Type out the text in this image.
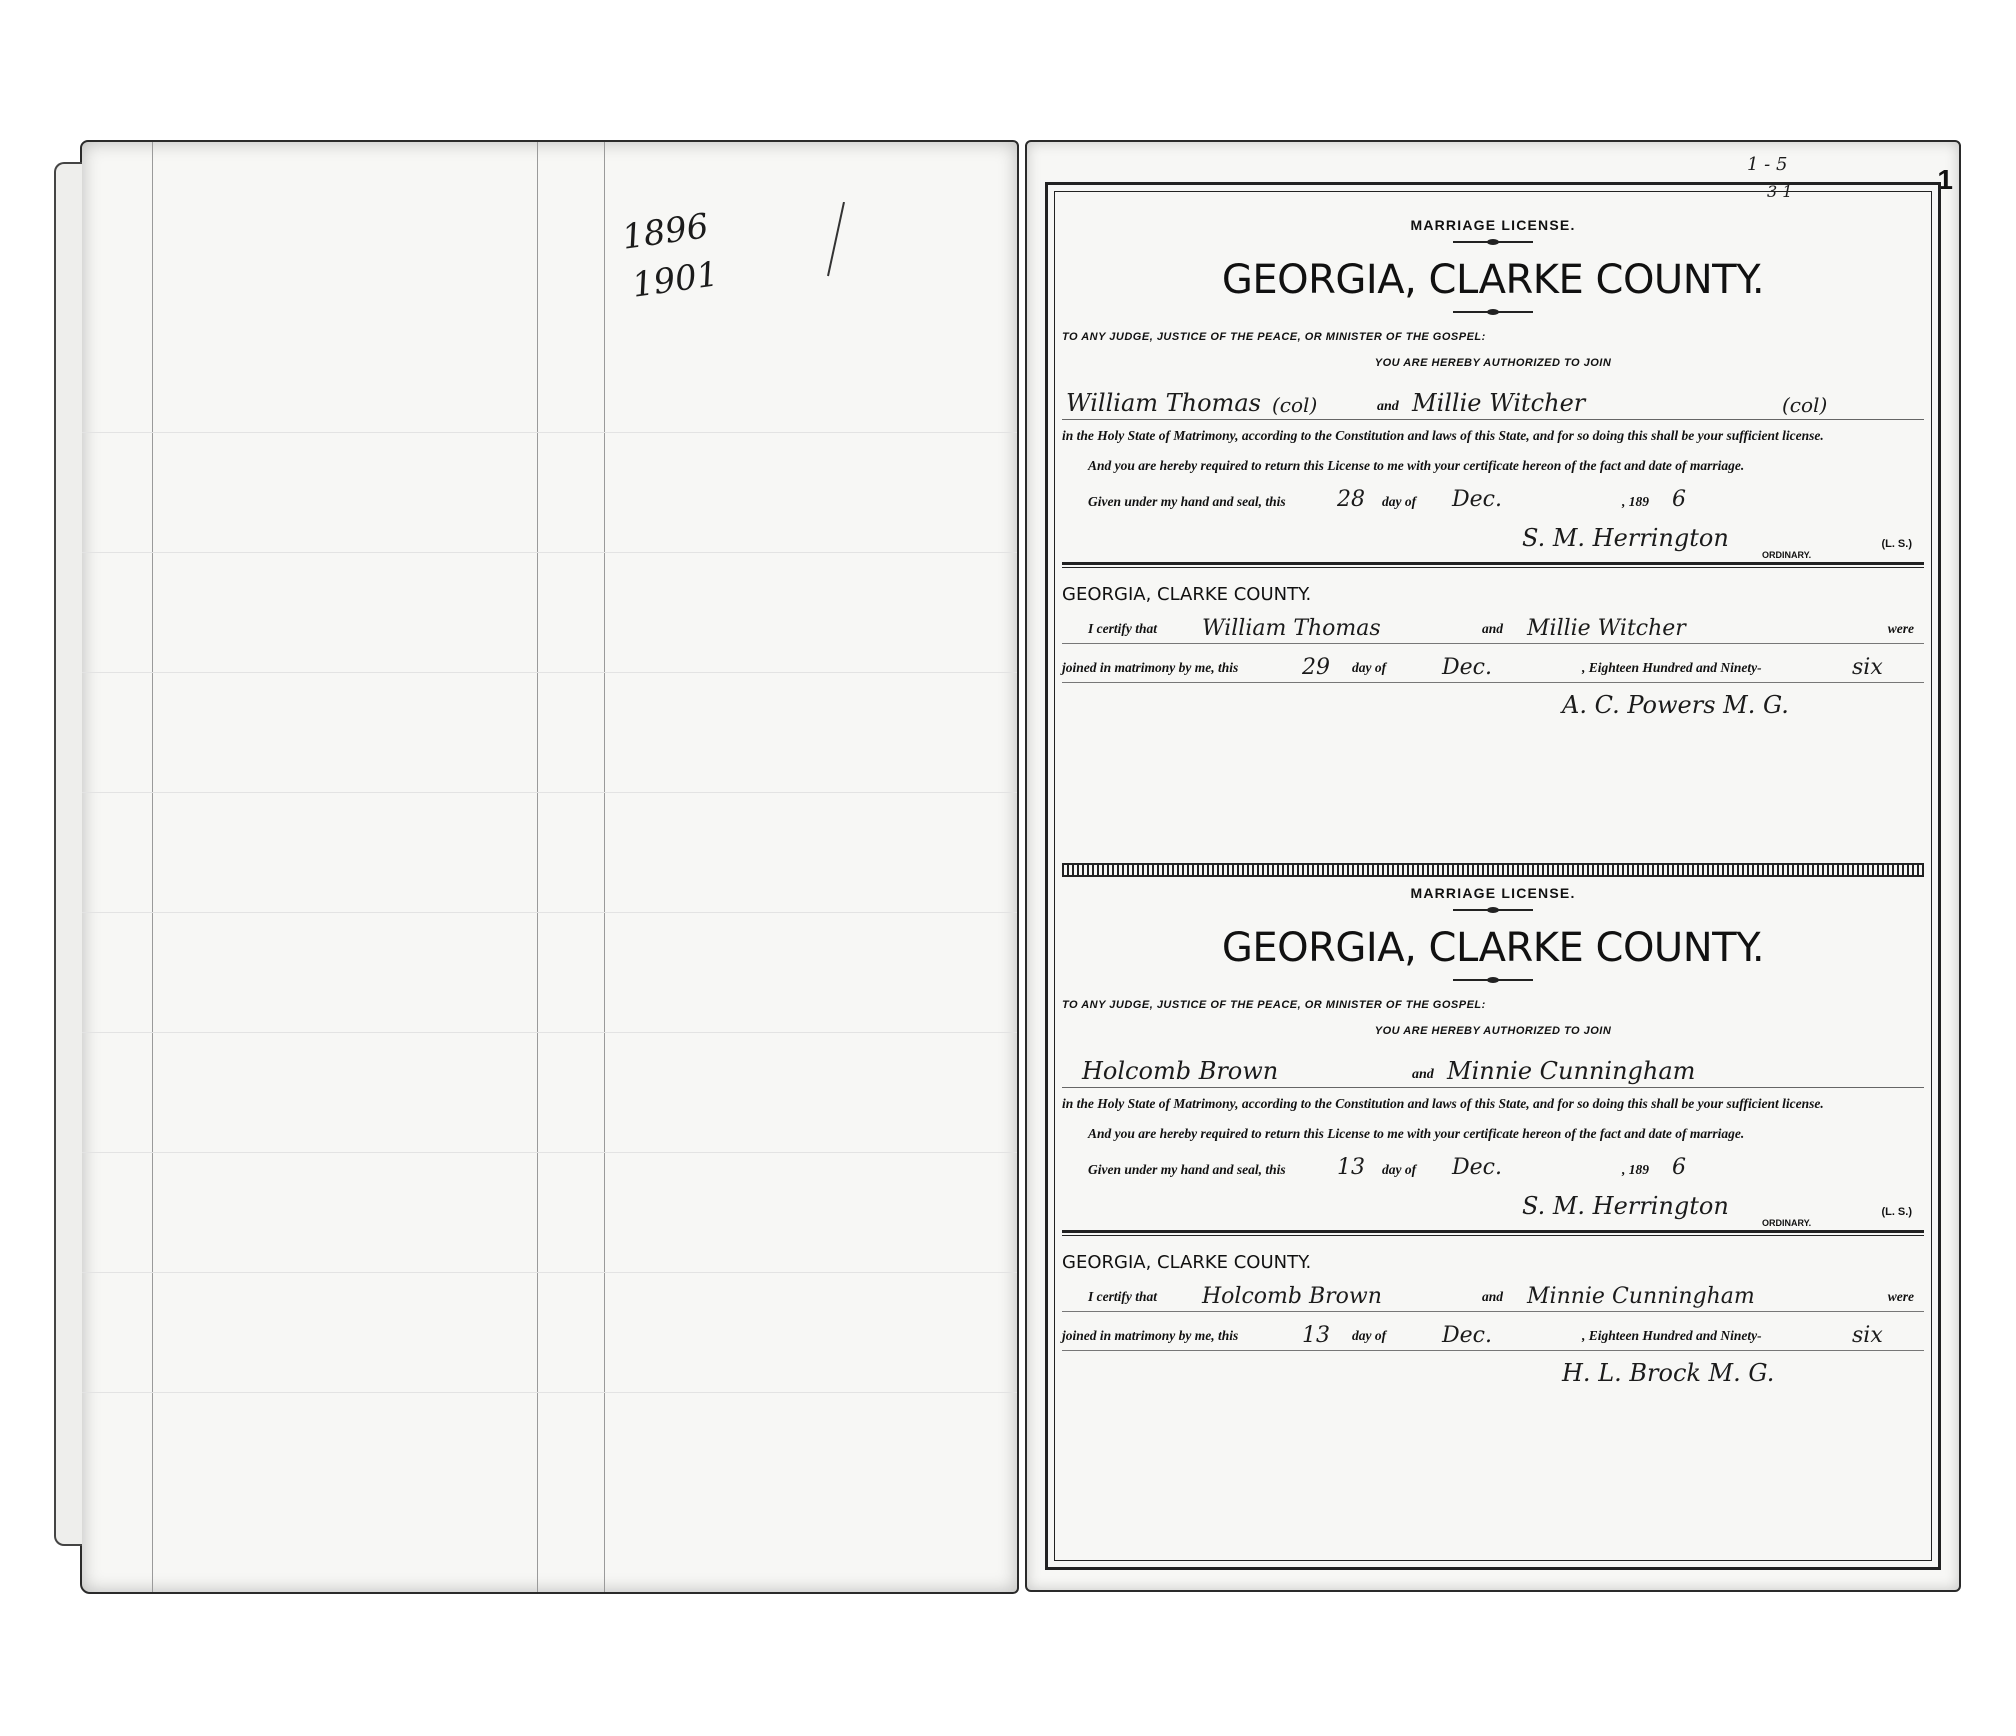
1896
1901
1
1 - 5
3 1
MARRIAGE LICENSE.
GEORGIA, CLARKE COUNTY.
TO ANY JUDGE, JUSTICE OF THE PEACE, OR MINISTER OF THE GOSPEL:
YOU ARE HEREBY AUTHORIZED TO JOIN
William Thomas (col)	and Millie Witcher	(col)
in the Holy State of Matrimony, according to the Constitution and laws of this State, and for so doing this shall be your sufficient license.
And you are hereby required to return this License to me with your certificate hereon of the fact and date of marriage.
Given under my hand and seal, this 28 day of Dec.	, 189 6
S. M. Herrington	(L. S.)
ORDINARY.
GEORGIA, CLARKE COUNTY.
I certify that William Thomas	and Millie Witcher	were
joined in matrimony by me, this	29 day of	Dec.	, Eighteen Hundred and Ninety-	six
A. C. Powers M. G.
MARRIAGE LICENSE.
GEORGIA, CLARKE COUNTY.
TO ANY JUDGE, JUSTICE OF THE PEACE, OR MINISTER OF THE GOSPEL:
YOU ARE HEREBY AUTHORIZED TO JOIN
Holcomb Brown	and Minnie Cunningham
in the Holy State of Matrimony, according to the Constitution and laws of this State, and for so doing this shall be your sufficient license.
And you are hereby required to return this License to me with your certificate hereon of the fact and date of marriage.
Given under my hand and seal, this 13 day of Dec.	, 189 6
S. M. Herrington	(L. S.)
ORDINARY.
GEORGIA, CLARKE COUNTY.
I certify that Holcomb Brown	and Minnie Cunningham	were
joined in matrimony by me, this	13 day of	Dec.	, Eighteen Hundred and Ninety-	six
H. L. Brock M. G.
